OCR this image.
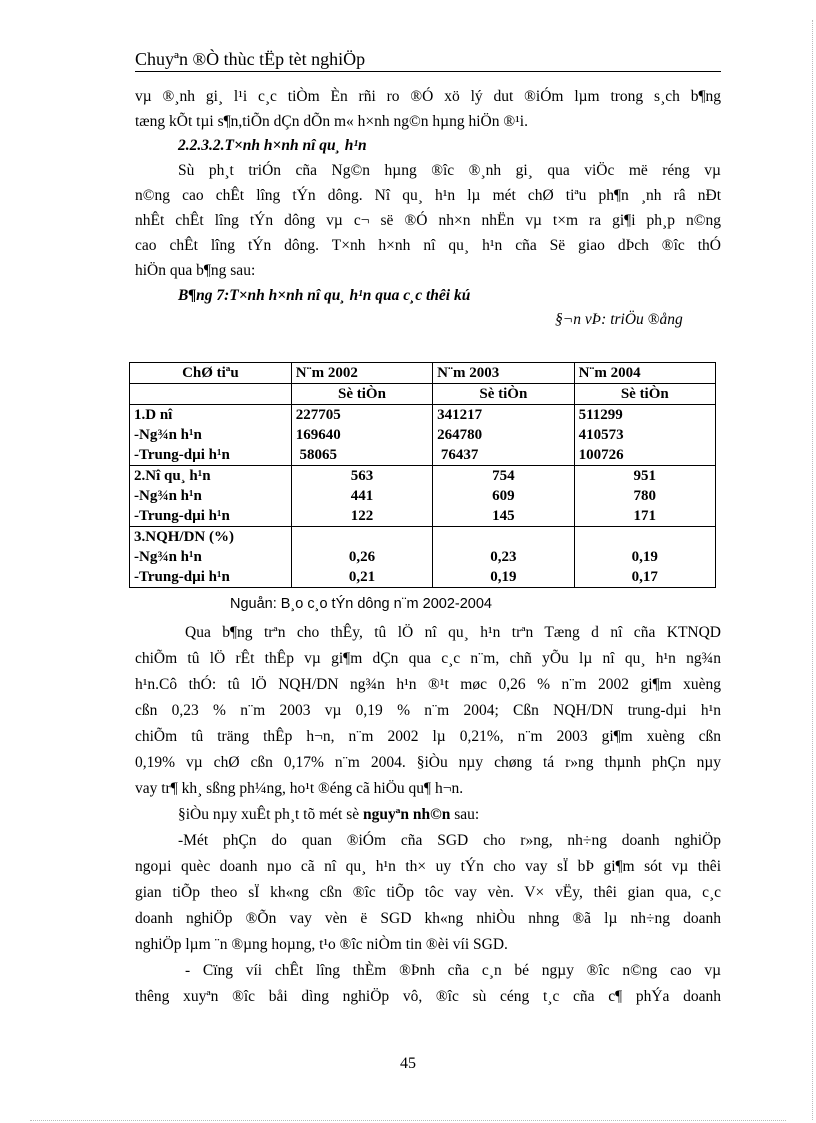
Chuyªn ®Ò thùc tËp tèt nghiÖp
vµ ®¸nh gi¸ l¹i c¸c tiÒm Èn rñi ro ®Ó xö lý dut ®iÓm lµm trong s¸ch b¶ng
tæng kÕt tµi s¶n,tiÕn dÇn dÕn m« h×nh ng©n hµng hiÖn ®¹i.
2.2.3.2.T×nh h×nh nî qu¸ h¹n
Sù ph¸t triÓn cña Ng©n hµng ®îc ®¸nh gi¸ qua viÖc më réng vµ
n©ng cao chÊt lîng tÝn dông. Nî qu¸ h¹n lµ mét chØ tiªu ph¶n ¸nh râ nÐt
nhÊt chÊt lîng tÝn dông vµ c¬ së ®Ó nh×n nhËn vµ t×m ra gi¶i ph¸p n©ng
cao chÊt lîng tÝn dông. T×nh h×nh nî qu¸ h¹n cña Së giao dÞch ®îc thÓ
hiÖn qua b¶ng sau:
B¶ng 7:T×nh h×nh nî qu¸ h¹n qua c¸c thêi kú
§¬n vÞ: triÖu ®ång
ChØ tiªu	N¨m 2002	N¨m 2003	N¨m 2004
	Sè tiÒn	Sè tiÒn	Sè tiÒn
1.D nî	227705	341217	511299
-Ng¾n h¹n	169640	264780	410573
-Trung-dµi h¹n	58065	76437	100726
2.Nî qu¸ h¹n	563	754	951
-Ng¾n h¹n	441	609	780
-Trung-dµi h¹n	122	145	171
3.NQH/DN (%)			
-Ng¾n h¹n	0,26	0,23	0,19
-Trung-dµi h¹n	0,21	0,19	0,17
Nguån: B¸o c¸o tÝn dông n¨m 2002-2004
Qua b¶ng trªn cho thÊy, tû lÖ nî qu¸ h¹n trªn Tæng d nî cña KTNQD
chiÕm tû lÖ rÊt thÊp vµ gi¶m dÇn qua c¸c n¨m, chñ yÕu lµ nî qu¸ h¹n ng¾n
h¹n.Cô thÓ: tû lÖ NQH/DN ng¾n h¹n ®¹t møc 0,26 % n¨m 2002 gi¶m xuèng
cßn 0,23 % n¨m 2003 vµ 0,19 % n¨m 2004; Cßn NQH/DN trung-dµi h¹n
chiÕm tû träng thÊp h¬n, n¨m 2002 lµ 0,21%, n¨m 2003 gi¶m xuèng cßn
0,19% vµ chØ cßn 0,17% n¨m 2004. §iÒu nµy chøng tá r»ng thµnh phÇn nµy
vay tr¶ kh¸ sßng ph¼ng, ho¹t ®éng cã hiÖu qu¶ h¬n.
§iÒu nµy xuÊt ph¸t tõ mét sè nguyªn nh©n sau:
-Mét phÇn do quan ®iÓm cña SGD cho r»ng, nh÷ng doanh nghiÖp
ngoµi quèc doanh nµo cã nî qu¸ h¹n th× uy tÝn cho vay sÏ bÞ gi¶m sót vµ thêi
gian tiÕp theo sÏ kh«ng cßn ®îc tiÕp tôc vay vèn. V× vËy, thêi gian qua, c¸c
doanh nghiÖp ®Õn vay vèn ë SGD kh«ng nhiÒu nhng ®ã lµ nh÷ng doanh
nghiÖp lµm ¨n ®µng hoµng, t¹o ®îc niÒm tin ®èi víi SGD.
- Cïng víi chÊt lîng thÈm ®Þnh cña c¸n bé ngµy ®îc n©ng cao vµ
thêng xuyªn ®îc båi dìng nghiÖp vô, ®îc sù céng t¸c cña c¶ phÝa doanh
45
